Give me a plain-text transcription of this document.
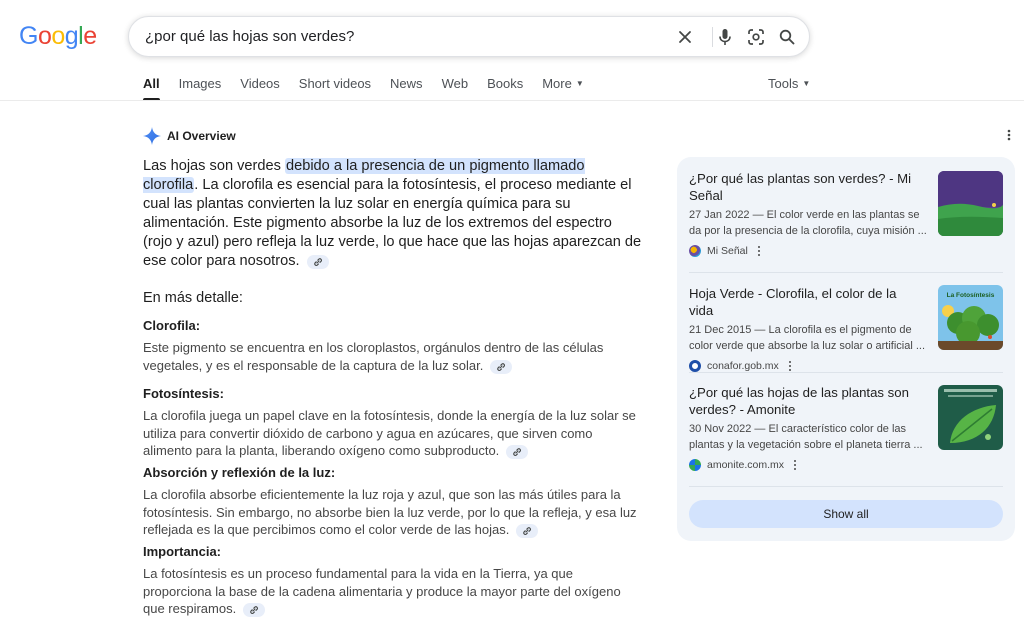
Google	¿por qué las hojas son verdes?
All Images Videos Short videos News Web Books More ▼	Tools ▼
AI Overview

Las hojas son verdes debido a la presencia de un pigmento llamado clorofila. La clorofila es esencial para la fotosíntesis, el proceso mediante el cual las plantas convierten la luz solar en energía química para su alimentación. Este pigmento absorbe la luz de los extremos del espectro (rojo y azul) pero refleja la luz verde, lo que hace que las hojas aparezcan de ese color para nosotros.

En más detalle:
Clorofila:

Este pigmento se encuentra en los cloroplastos, orgánulos dentro de las células vegetales, y es el responsable de la captura de la luz solar.

Fotosíntesis:

La clorofila juega un papel clave en la fotosíntesis, donde la energía de la luz solar se utiliza para convertir dióxido de carbono y agua en azúcares, que sirven como alimento para la planta, liberando oxígeno como subproducto.

Absorción y reflexión de la luz:

La clorofila absorbe eficientemente la luz roja y azul, que son las más útiles para la fotosíntesis. Sin embargo, no absorbe bien la luz verde, por lo que la refleja, y esa luz reflejada es la que percibimos como el color verde de las hojas.

Importancia:

La fotosíntesis es un proceso fundamental para la vida en la Tierra, ya que proporciona la base de la cadena alimentaria y produce la mayor parte del oxígeno que respiramos.

¿Por qué las plantas son verdes? - Mi Señal
27 Jan 2022 — El color verde en las plantas se da por la presencia de la clorofila, cuya misión ...
Mi Señal
Hoja Verde - Clorofila, el color de la vida
21 Dec 2015 — La clorofila es el pigmento de color verde que absorbe la luz solar o artificial ...
conafor.gob.mx
La Fotosíntesis
¿Por qué las hojas de las plantas son verdes? - Amonite
30 Nov 2022 — El característico color de las plantas y la vegetación sobre el planeta tierra ...
amonite.com.mx
Show all
